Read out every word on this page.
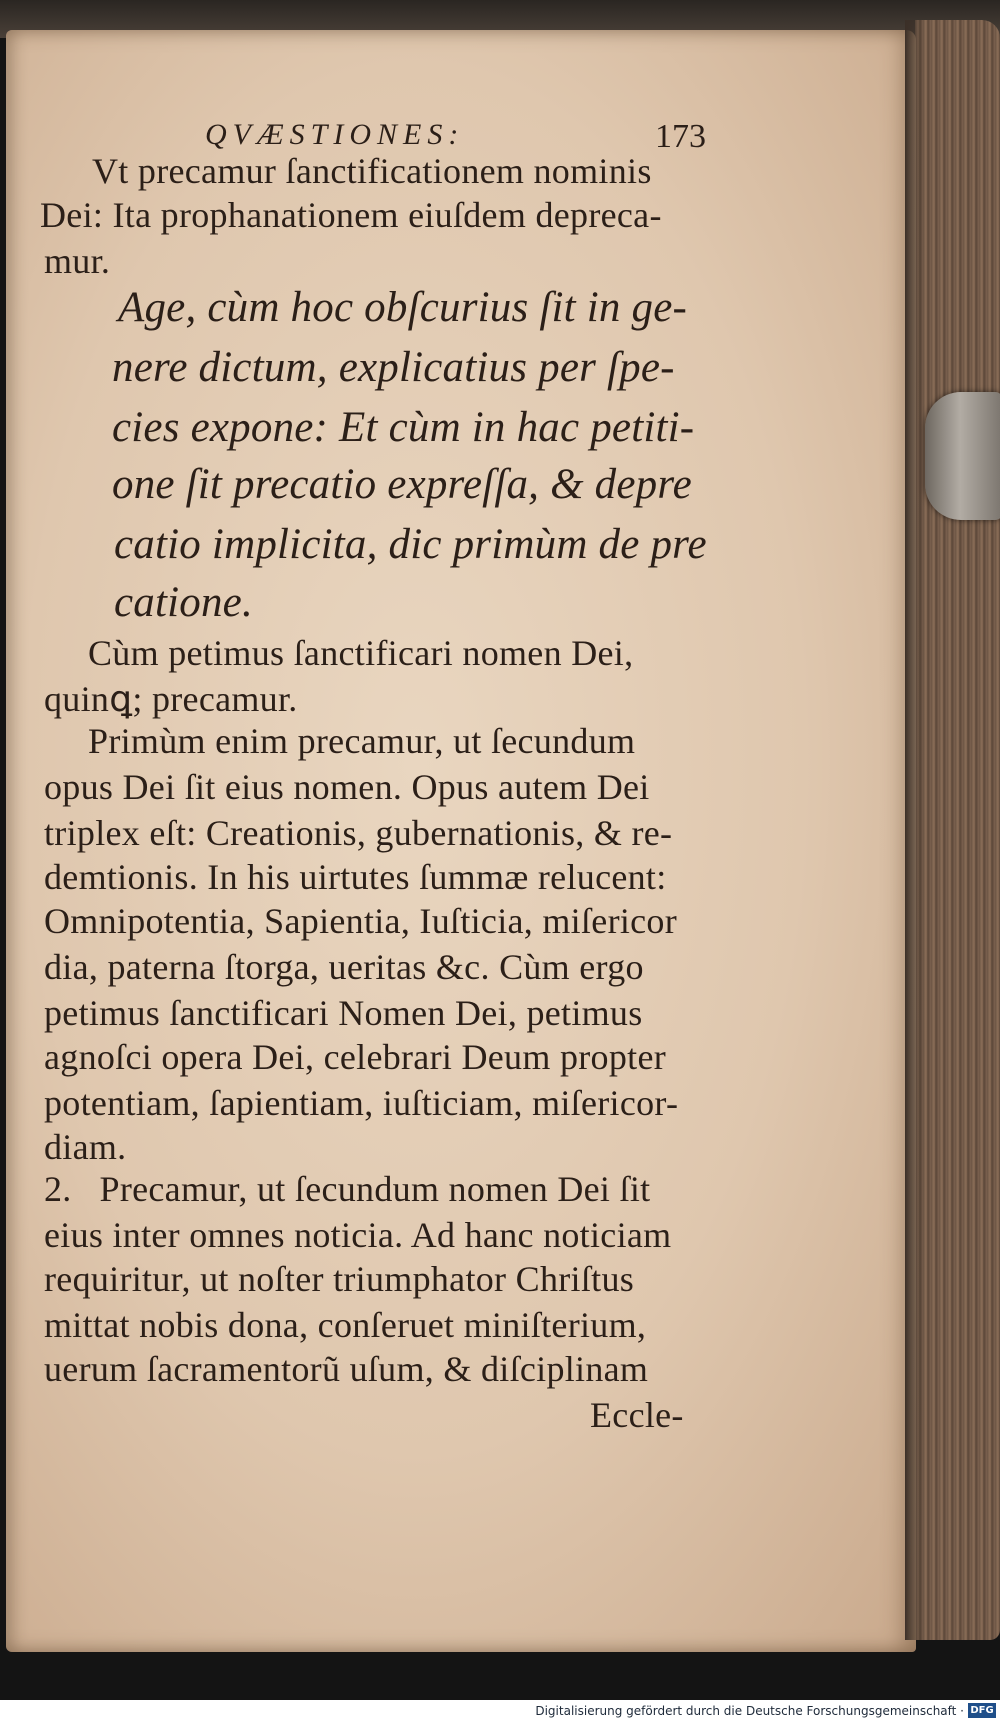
QVÆSTIONES:	173
Vt precamur ſanctificationem nominis
Dei: Ita prophanationem eiuſdem depreca-
mur.
Age, cùm hoc obſcurius ſit in ge-
nere dictum, explicatius per ſpe-
cies expone: Et cùm in hac petiti-
one ſit precatio expreſſa, & depre
catio implicita, dic primùm de pre
catione.
Cùm petimus ſanctificari nomen Dei,
quinꝗ; precamur.
Primùm enim precamur, ut ſecundum
opus Dei ſit eius nomen. Opus autem Dei
triplex eſt: Creationis, gubernationis, & re-
demtionis. In his uirtutes ſummæ relucent:
Omnipotentia, Sapientia, Iuſticia, miſericor
dia, paterna ſtorga, ueritas &c. Cùm ergo
petimus ſanctificari Nomen Dei, petimus
agnoſci opera Dei, celebrari Deum propter
potentiam, ſapientiam, iuſticiam, miſericor-
diam.
2.   Precamur, ut ſecundum nomen Dei ſit
eius inter omnes noticia. Ad hanc noticiam
requiritur, ut noſter triumphator Chriſtus
mittat nobis dona, conſeruet miniſterium,
uerum ſacramentorũ uſum, & diſciplinam
Eccle-
Digitalisierung gefördert durch die Deutsche Forschungsgemeinschaft · DFG
